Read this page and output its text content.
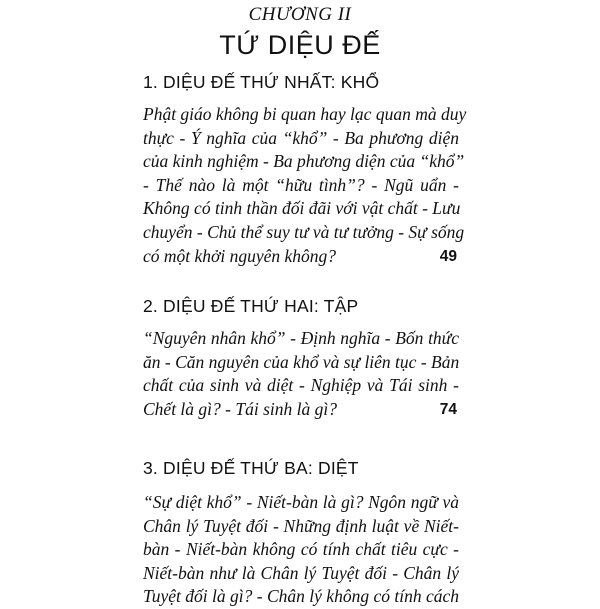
CHƯƠNG II
TỨ DIỆU ĐẾ
1. DIỆU ĐẾ THỨ NHẤT: KHỔ
Phật giáo không bi quan hay lạc quan mà duy
thực - Ý nghĩa của “khổ” - Ba phương diện
của kinh nghiệm - Ba phương diện của “khổ”
- Thế nào là một “hữu tình”? - Ngũ uẩn -
Không có tinh thần đối đãi với vật chất - Lưu
chuyển - Chủ thể suy tư và tư tưởng - Sự sống
có một khởi nguyên không?	49
2. DIỆU ĐẾ THỨ HAI: TẬP
“Nguyên nhân khổ” - Định nghĩa - Bốn thức
ăn - Căn nguyên của khổ và sự liên tục - Bản
chất của sinh và diệt - Nghiệp và Tái sinh -
Chết là gì? - Tái sinh là gì?	74
3. DIỆU ĐẾ THỨ BA: DIỆT
“Sự diệt khổ” - Niết-bàn là gì? Ngôn ngữ và
Chân lý Tuyệt đối - Những định luật về Niết-
bàn - Niết-bàn không có tính chất tiêu cực -
Niết-bàn như là Chân lý Tuyệt đối - Chân lý
Tuyệt đối là gì? - Chân lý không có tính cách
